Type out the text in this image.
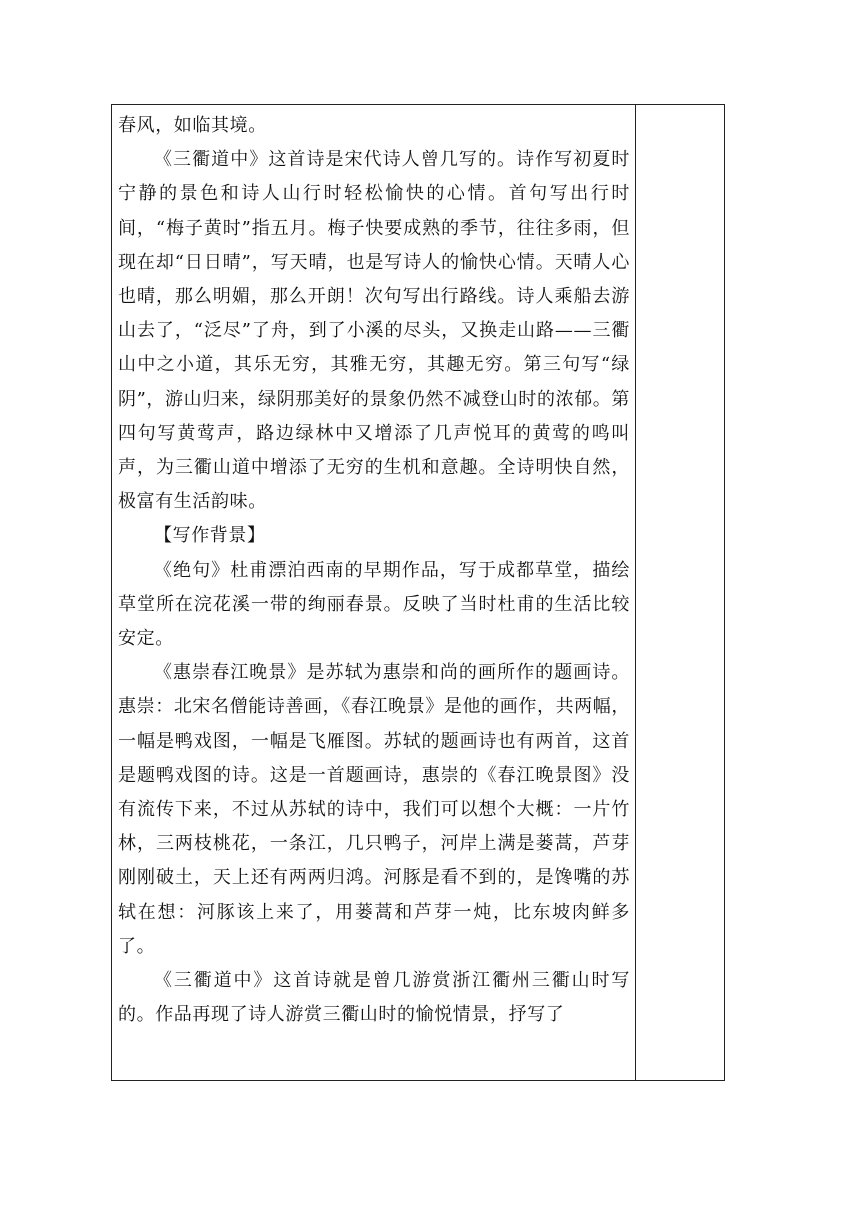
春风，如临其境。

《三衢道中》这首诗是宋代诗人曾几写的。诗作写初夏时宁静的景色和诗人山行时轻松愉快的心情。首句写出行时间，“梅子黄时”指五月。梅子快要成熟的季节，往往多雨，但现在却“日日晴”，写天晴，也是写诗人的愉快心情。天晴人心也晴，那么明媚，那么开朗！次句写出行路线。诗人乘船去游山去了，“泛尽”了舟，到了小溪的尽头，又换走山路——三衢山中之小道，其乐无穷，其雅无穷，其趣无穷。第三句写“绿阴”，游山归来，绿阴那美好的景象仍然不减登山时的浓郁。第四句写黄莺声，路边绿林中又增添了几声悦耳的黄莺的鸣叫声，为三衢山道中增添了无穷的生机和意趣。全诗明快自然，极富有生活韵味。

【写作背景】

《绝句》杜甫漂泊西南的早期作品，写于成都草堂，描绘草堂所在浣花溪一带的绚丽春景。反映了当时杜甫的生活比较安定。

《惠崇春江晚景》是苏轼为惠崇和尚的画所作的题画诗。惠崇：北宋名僧能诗善画，《春江晚景》是他的画作，共两幅，一幅是鸭戏图，一幅是飞雁图。苏轼的题画诗也有两首，这首是题鸭戏图的诗。这是一首题画诗，惠崇的《春江晚景图》没有流传下来，不过从苏轼的诗中，我们可以想个大概：一片竹林，三两枝桃花，一条江，几只鸭子，河岸上满是蒌蒿，芦芽刚刚破土，天上还有两两归鸿。河豚是看不到的，是馋嘴的苏轼在想：河豚该上来了，用蒌蒿和芦芽一炖，比东坡肉鲜多了。

《三衢道中》这首诗就是曾几游赏浙江衢州三衢山时写的。作品再现了诗人游赏三衢山时的愉悦情景，抒写了
